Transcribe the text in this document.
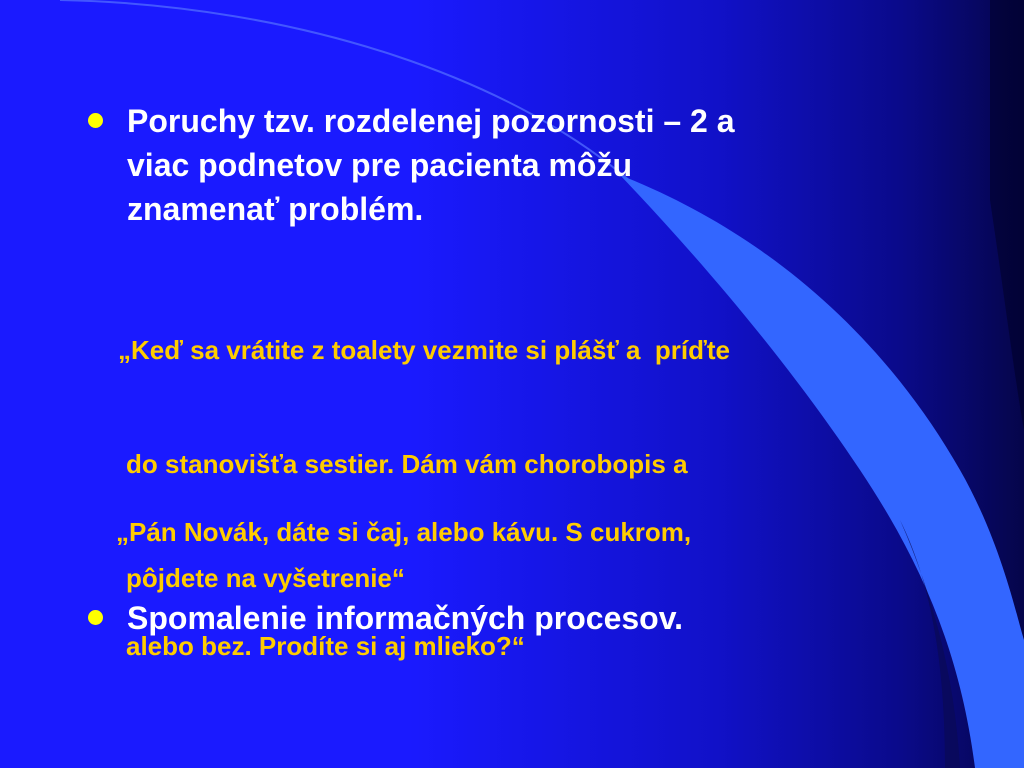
Poruchy tzv. rozdelenej pozornosti – 2 a
viac podnetov pre pacienta môžu
znamenať problém.

„Keď sa vrátite z toalety vezmite si plášť a  príďte

do stanovišťa sestier. Dám vám chorobopis a

pôjdete na vyšetrenie“

„Pán Novák, dáte si čaj, alebo kávu. S cukrom,

alebo bez. Prodíte si aj mlieko?“

Spomalenie informačných procesov.
